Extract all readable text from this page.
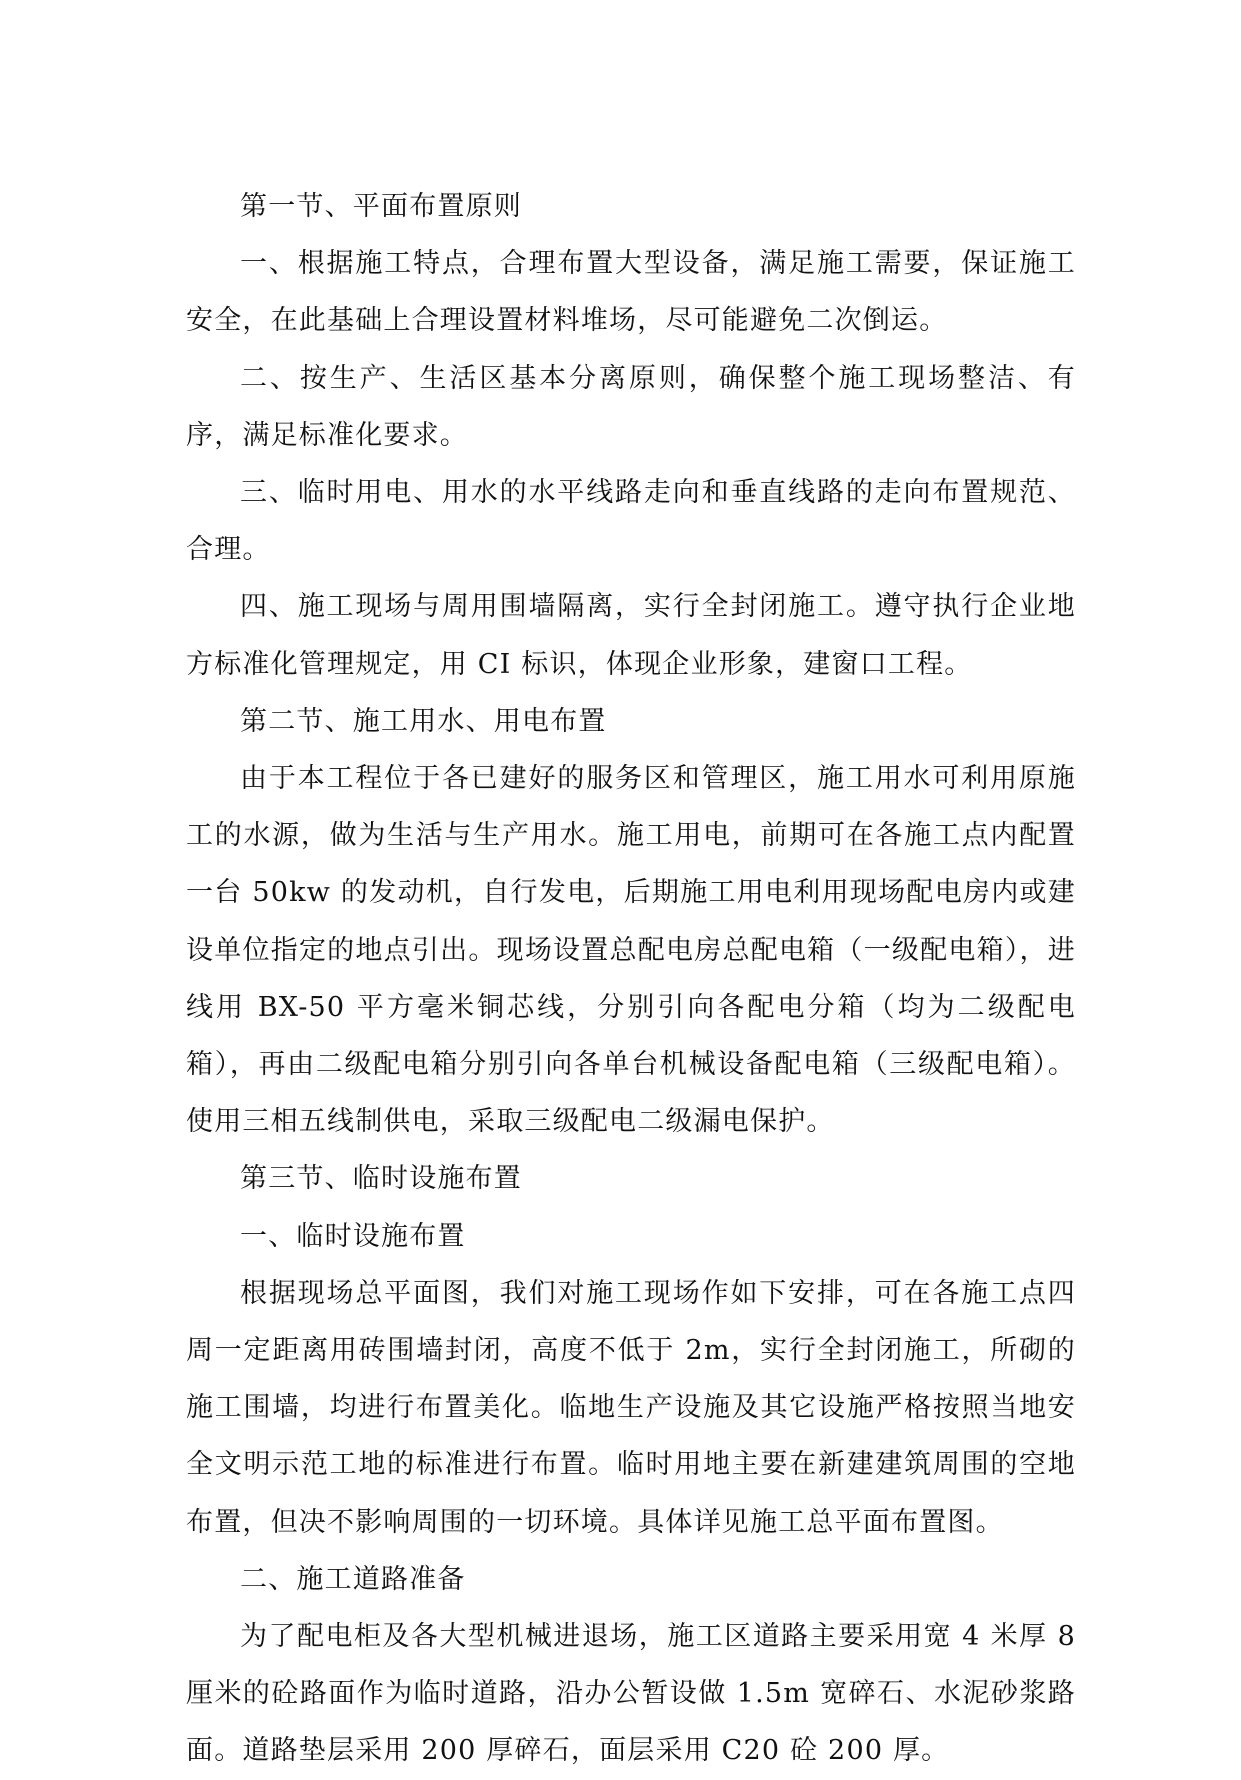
第一节、平面布置原则

一、根据施工特点，合理布置大型设备，满足施工需要，保证施工安全，在此基础上合理设置材料堆场，尽可能避免二次倒运。

二、按生产、生活区基本分离原则，确保整个施工现场整洁、有序，满足标准化要求。

三、临时用电、用水的水平线路走向和垂直线路的走向布置规范、合理。

四、施工现场与周用围墙隔离，实行全封闭施工。遵守执行企业地方标准化管理规定，用 CI 标识，体现企业形象，建窗口工程。

第二节、施工用水、用电布置

由于本工程位于各已建好的服务区和管理区，施工用水可利用原施工的水源，做为生活与生产用水。施工用电，前期可在各施工点内配置一台 50kw 的发动机，自行发电，后期施工用电利用现场配电房内或建设单位指定的地点引出。现场设置总配电房总配电箱（一级配电箱），进线用 BX-50 平方毫米铜芯线，分别引向各配电分箱（均为二级配电箱），再由二级配电箱分别引向各单台机械设备配电箱（三级配电箱）。使用三相五线制供电，采取三级配电二级漏电保护。

第三节、临时设施布置

一、临时设施布置

根据现场总平面图，我们对施工现场作如下安排，可在各施工点四周一定距离用砖围墙封闭，高度不低于 2m，实行全封闭施工，所砌的施工围墙，均进行布置美化。临地生产设施及其它设施严格按照当地安全文明示范工地的标准进行布置。临时用地主要在新建建筑周围的空地布置，但决不影响周围的一切环境。具体详见施工总平面布置图。

二、施工道路准备

为了配电柜及各大型机械进退场，施工区道路主要采用宽 4 米厚 8 厘米的砼路面作为临时道路，沿办公暂设做 1.5m 宽碎石、水泥砂浆路面。道路垫层采用 200 厚碎石，面层采用 C20 砼 200 厚。
